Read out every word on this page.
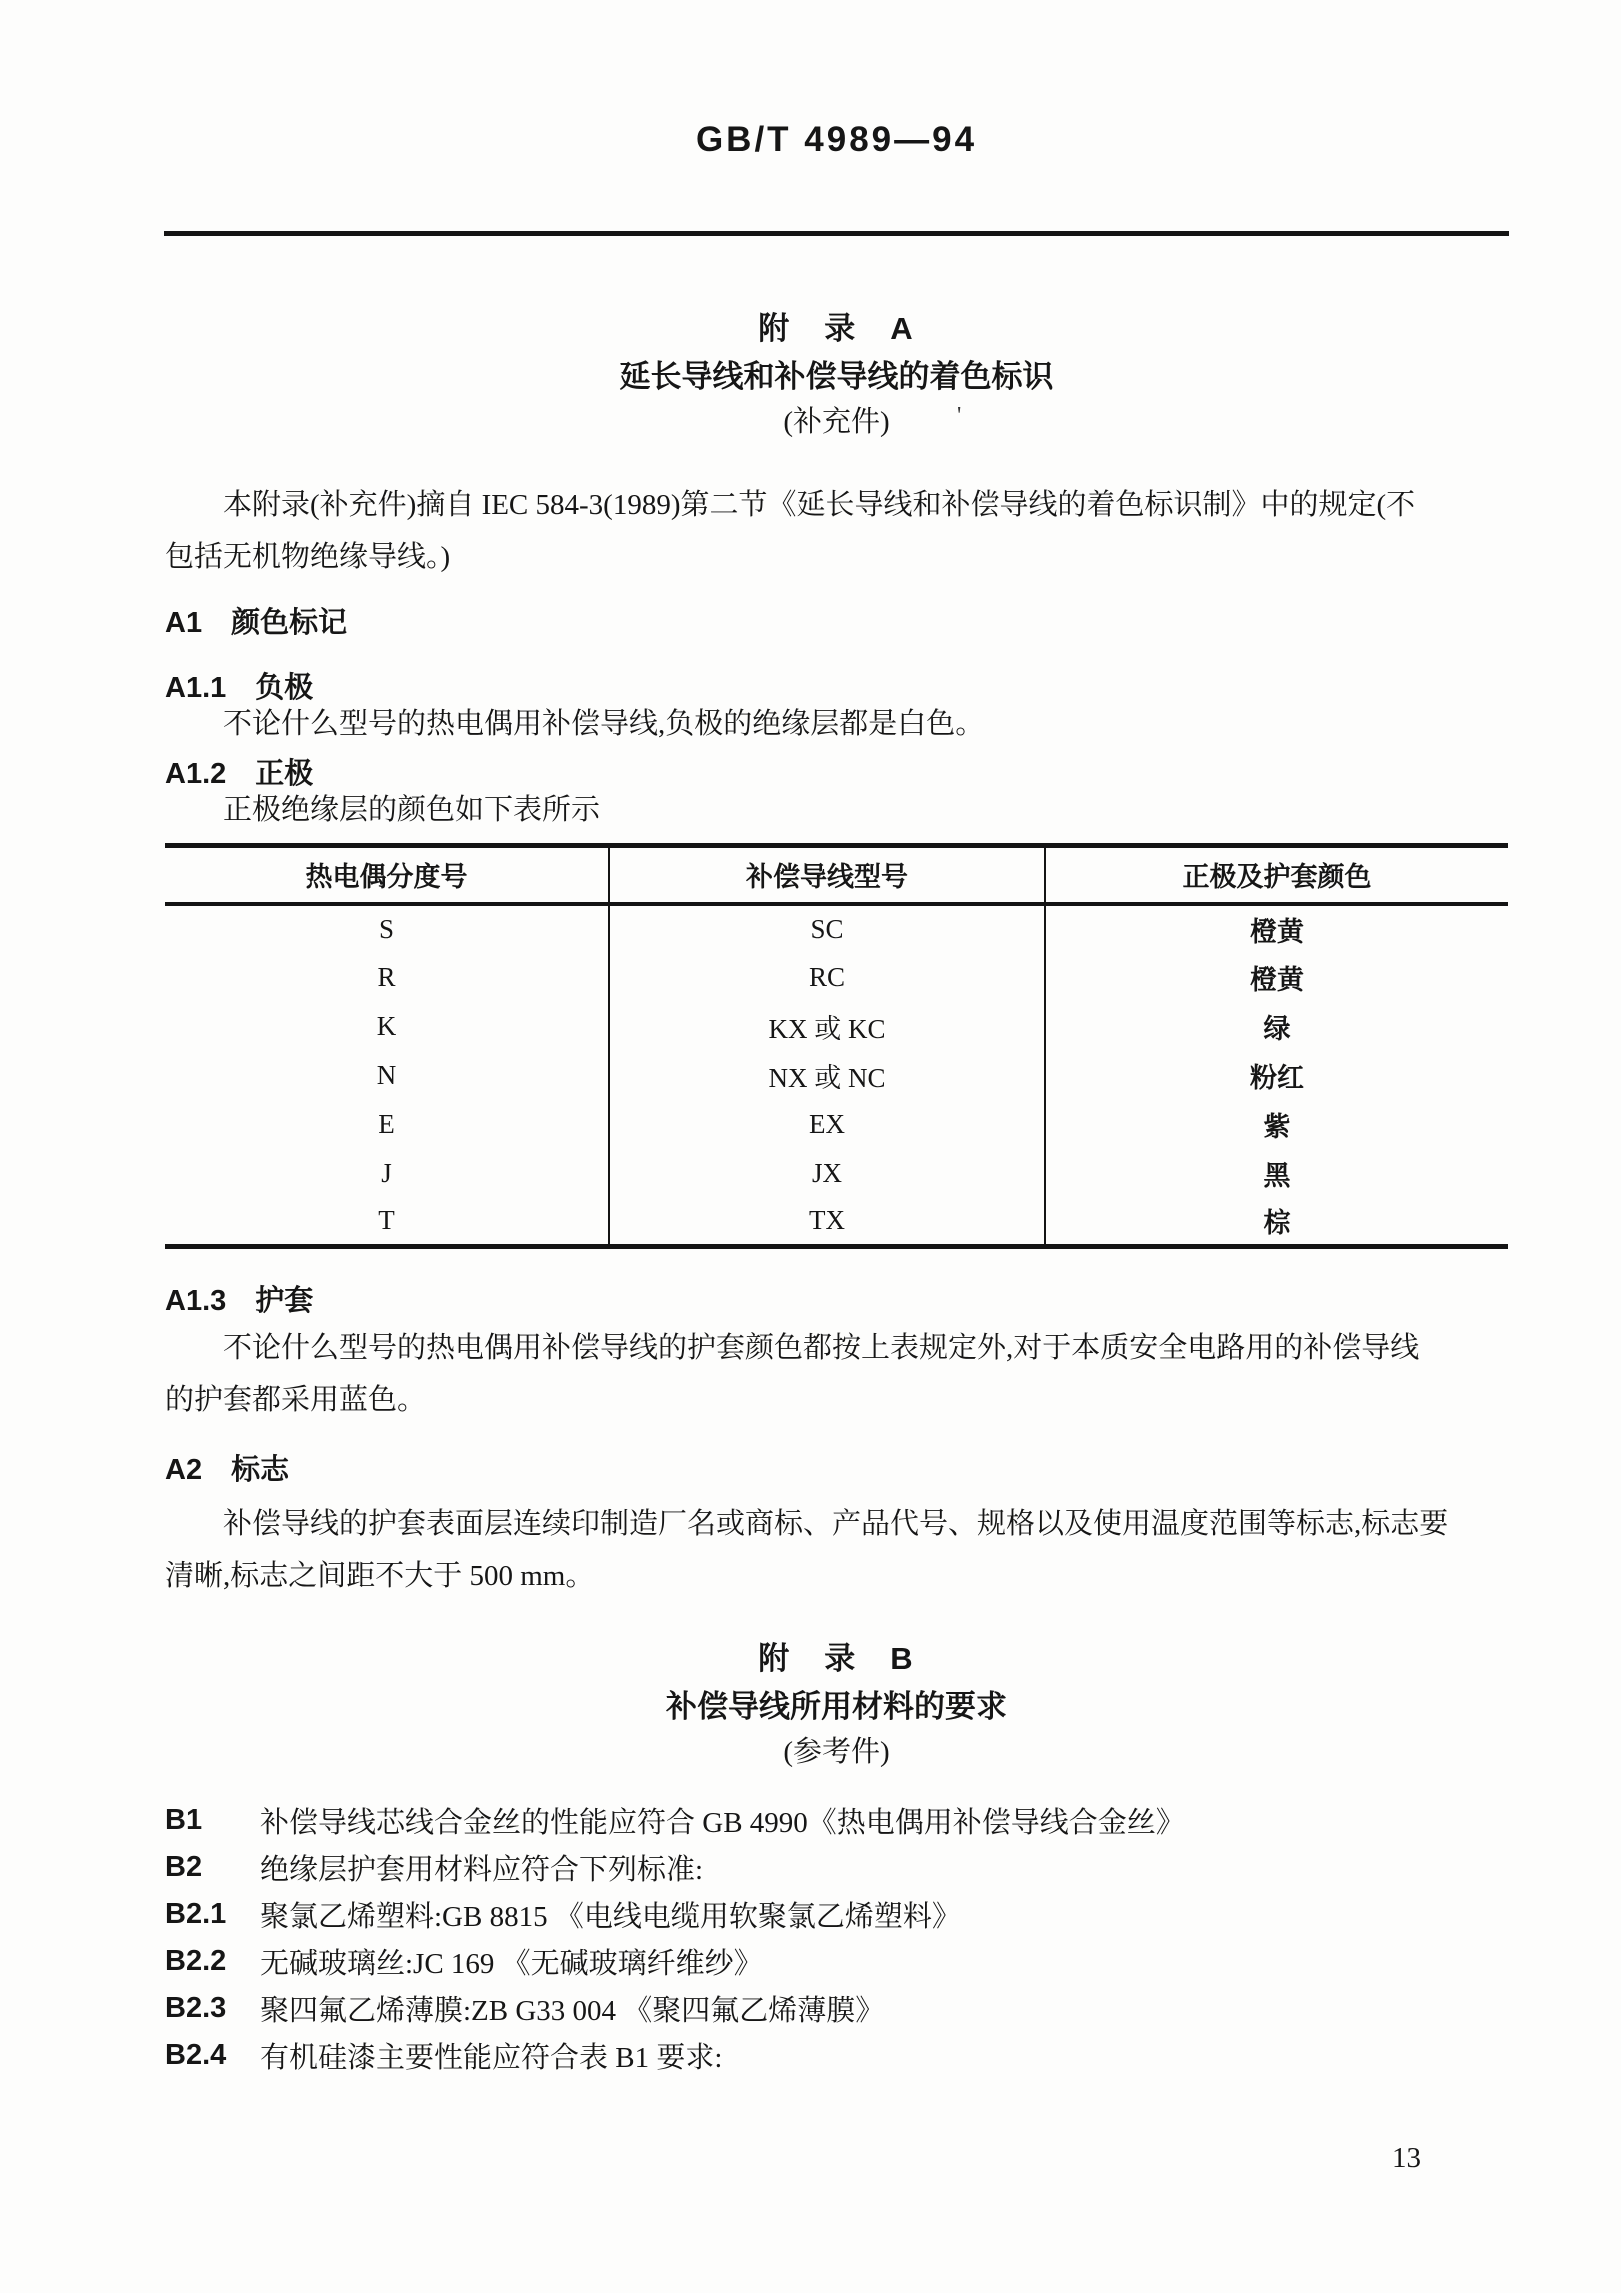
GB/T 4989—94
附　录　A
延长导线和补偿导线的着色标识
(补充件)	'
本附录(补充件)摘自 IEC 584-3(1989)第二节《延长导线和补偿导线的着色标识制》中的规定(不
包括无机物绝缘导线。)
A1　颜色标记
A1.1　负极
不论什么型号的热电偶用补偿导线,负极的绝缘层都是白色。
A1.2　正极
正极绝缘层的颜色如下表所示
热电偶分度号	补偿导线型号	正极及护套颜色
S	SC	橙黄
R	RC	橙黄
K	KX 或 KC	绿
N	NX 或 NC	粉红
E	EX	紫
J	JX	黑
T	TX	棕
A1.3　护套
不论什么型号的热电偶用补偿导线的护套颜色都按上表规定外,对于本质安全电路用的补偿导线
的护套都采用蓝色。
A2　标志
补偿导线的护套表面层连续印制造厂名或商标、产品代号、规格以及使用温度范围等标志,标志要
清晰,标志之间距不大于 500 mm。
附　录　B
补偿导线所用材料的要求
(参考件)
B1	补偿导线芯线合金丝的性能应符合 GB 4990《热电偶用补偿导线合金丝》
B2	绝缘层护套用材料应符合下列标准:
B2.1	聚氯乙烯塑料:GB 8815 《电线电缆用软聚氯乙烯塑料》
B2.2	无碱玻璃丝:JC 169 《无碱玻璃纤维纱》
B2.3	聚四氟乙烯薄膜:ZB G33 004 《聚四氟乙烯薄膜》
B2.4	有机硅漆主要性能应符合表 B1 要求:
13
